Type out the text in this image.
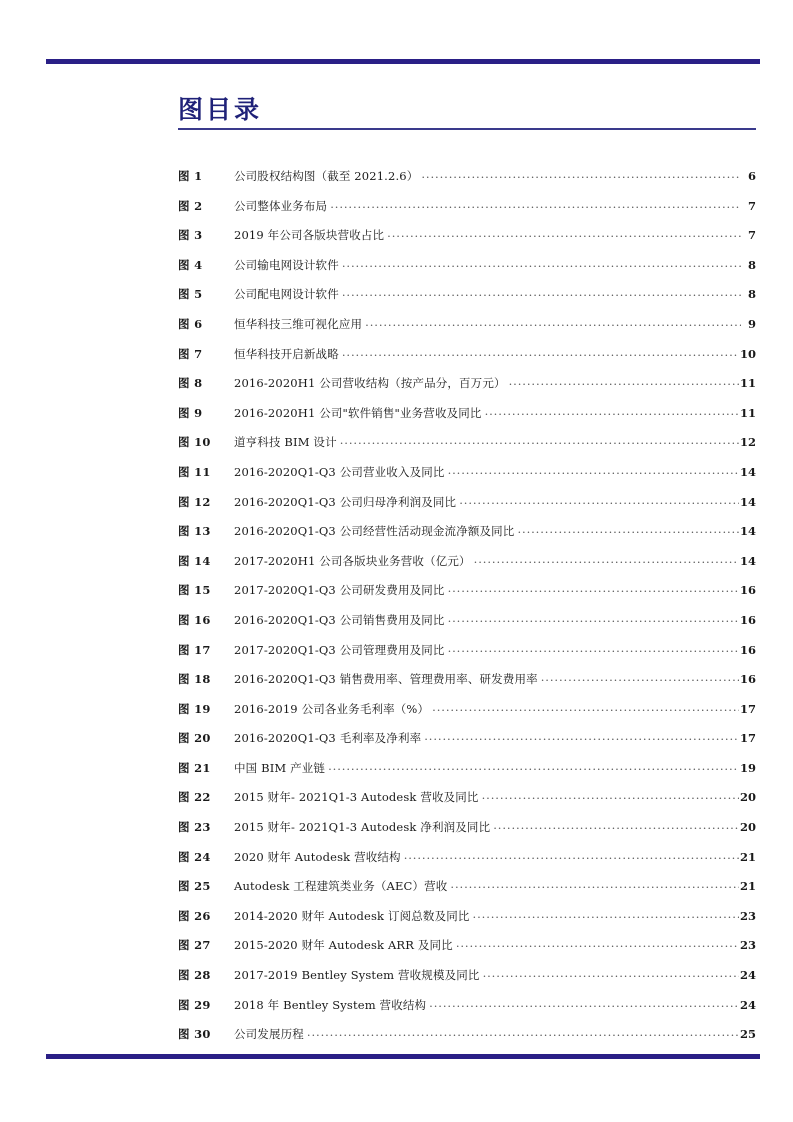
图目录
图 1	公司股权结构图（截至 2021.2.6） .....	6
图 2	公司整体业务布局 .....	7
图 3	2019 年公司各版块营收占比 .....	7
图 4	公司输电网设计软件 .....	8
图 5	公司配电网设计软件 .....	8
图 6	恒华科技三维可视化应用 .....	9
图 7	恒华科技开启新战略 .....	10
图 8	2016-2020H1 公司营收结构（按产品分，百万元） .....	11
图 9	2016-2020H1 公司"软件销售"业务营收及同比 .....	11
图 10	道亨科技 BIM 设计 .....	12
图 11	2016-2020Q1-Q3 公司营业收入及同比 .....	14
图 12	2016-2020Q1-Q3 公司归母净利润及同比 .....	14
图 13	2016-2020Q1-Q3 公司经营性活动现金流净额及同比 .....	14
图 14	2017-2020H1 公司各版块业务营收（亿元） .....	14
图 15	2017-2020Q1-Q3 公司研发费用及同比 .....	16
图 16	2016-2020Q1-Q3 公司销售费用及同比 .....	16
图 17	2017-2020Q1-Q3 公司管理费用及同比 .....	16
图 18	2016-2020Q1-Q3 销售费用率、管理费用率、研发费用率 .....	16
图 19	2016-2019 公司各业务毛利率（%） .....	17
图 20	2016-2020Q1-Q3 毛利率及净利率 .....	17
图 21	中国 BIM 产业链 .....	19
图 22	2015 财年- 2021Q1-3 Autodesk 营收及同比 .....	20
图 23	2015 财年- 2021Q1-3 Autodesk 净利润及同比 .....	20
图 24	2020 财年 Autodesk 营收结构 .....	21
图 25	Autodesk 工程建筑类业务（AEC）营收 .....	21
图 26	2014-2020 财年 Autodesk 订阅总数及同比 .....	23
图 27	2015-2020 财年 Autodesk ARR 及同比 .....	23
图 28	2017-2019 Bentley System 营收规模及同比 .....	24
图 29	2018 年 Bentley System 营收结构 .....	24
图 30	公司发展历程 .....	25
